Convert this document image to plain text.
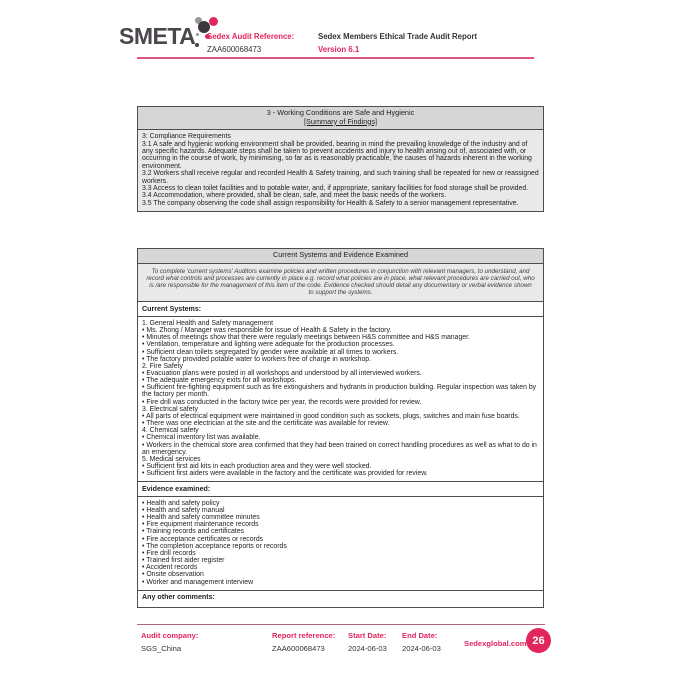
SMETA Sedex Audit Reference:
ZAA600068473
Sedex Members Ethical Trade Audit Report
Version 6.1
3 - Working Conditions are Safe and Hygienic
[Summary of Findings]
3: Compliance Requirements
3.1 A safe and hygienic working environment shall be provided, bearing in mind the prevailing knowledge of the industry and of any specific hazards. Adequate steps shall be taken to prevent accidents and injury to health arising out of, associated with, or occurring in the course of work, by minimising, so far as is reasonably practicable, the causes of hazards inherent in the working environment.
3.2 Workers shall receive regular and recorded Health & Safety training, and such training shall be repeated for new or reassigned workers.
3.3 Access to clean toilet facilities and to potable water, and, if appropriate, sanitary facilities for food storage shall be provided.
3.4 Accommodation, where provided, shall be clean, safe, and meet the basic needs of the workers.
3.5 The company observing the code shall assign responsibility for Health & Safety to a senior management representative.
Current Systems and Evidence Examined
To complete 'current systems' Auditors examine policies and written procedures in conjunction with relevant managers, to understand, and record what controls and processes are currently in place e.g. record what policies are in place, what relevant procedures are carried out, who is /are responsible for the management of this item of the code. Evidence checked should detail any documentary or verbal evidence shown to support the systems.
Current Systems:
1. General Health and Safety management
• Ms. Zhong / Manager was responsible for issue of Health & Safety in the factory.
• Minutes of meetings show that there were regularly meetings between H&S committee and H&S manager.
• Ventilation, temperature and lighting were adequate for the production processes.
• Sufficient clean toilets segregated by gender were available at all times to workers.
• The factory provided potable water to workers free of charge in workshop.
2. Fire Safety
• Evacuation plans were posted in all workshops and understood by all interviewed workers.
• The adequate emergency exits for all workshops.
• Sufficient fire-fighting equipment such as fire extinguishers and hydrants in production building. Regular inspection was taken by the factory per month.
• Fire drill was conducted in the factory twice per year, the records were provided for review.
3. Electrical safety
• All parts of electrical equipment were maintained in good condition such as sockets, plugs, switches and main fuse boards.
• There was one electrician at the site and the certificate was available for review.
4. Chemical safety
• Chemical inventory list was available.
• Workers in the chemical store area confirmed that they had been trained on correct handling procedures as well as what to do in an emergency.
5. Medical services
• Sufficient first aid kits in each production area and they were well stocked.
• Sufficient first aiders were available in the factory and the certificate was provided for review.
Evidence examined:
• Health and safety policy
• Health and safety manual
• Health and safety committee minutes
• Fire equipment maintenance records
• Training records and certificates
• Fire acceptance certificates or records
• The completion acceptance reports or records
• Fire drill records
• Trained first aider register
• Accident records
• Onsite observation
• Worker and management interview
Any other comments:
Audit company:
SGS_China
Report reference:
ZAA600068473
Start Date:
2024-06-03
End Date:
2024-06-03	Sedexglobal.com 26
